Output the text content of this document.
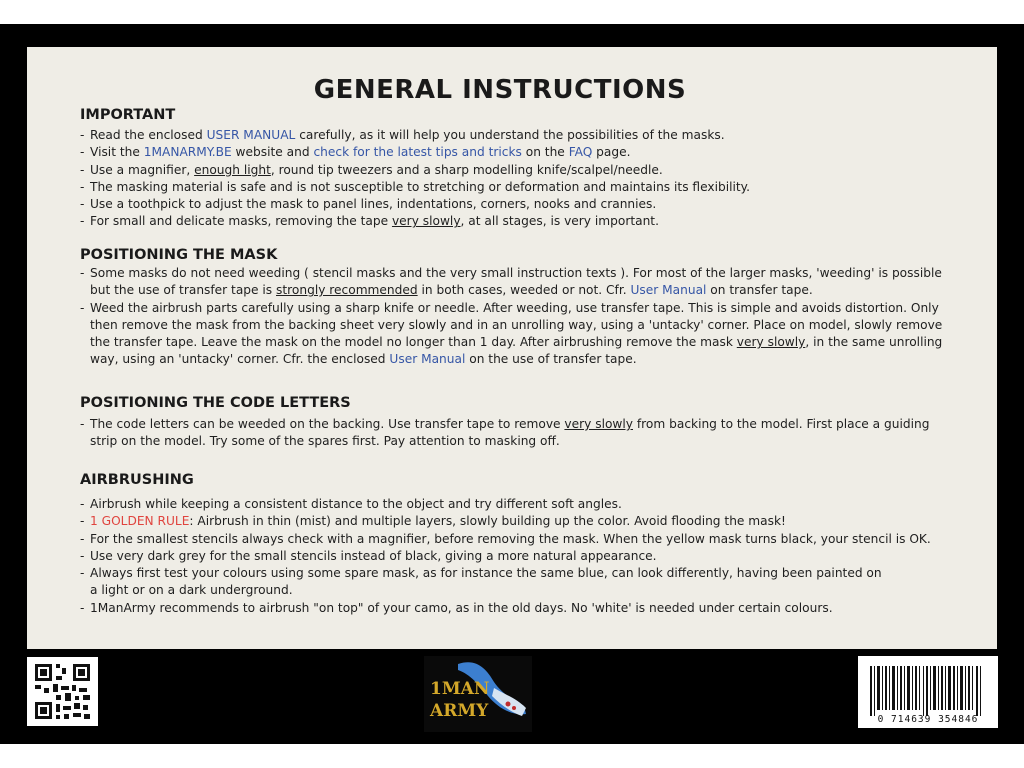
GENERAL INSTRUCTIONS
IMPORTANT
- Read the enclosed USER MANUAL carefully, as it will help you understand the possibilities of the masks.
- Visit the 1MANARMY.BE website and check for the latest tips and tricks on the FAQ page.
- Use a magnifier, enough light, round tip tweezers and a sharp modelling knife/scalpel/needle.
- The masking material is safe and is not susceptible to stretching or deformation and maintains its flexibility.
- Use a toothpick to adjust the mask to panel lines, indentations, corners, nooks and crannies.
- For small and delicate masks, removing the tape very slowly, at all stages, is very important.
POSITIONING THE MASK
- Some masks do not need weeding ( stencil masks and the very small instruction texts ). For most of the larger masks, 'weeding' is possible but the use of transfer tape is strongly recommended in both cases, weeded or not. Cfr. User Manual on transfer tape.
- Weed the airbrush parts carefully using a sharp knife or needle. After weeding, use transfer tape. This is simple and avoids distortion. Only then remove the mask from the backing sheet very slowly and in an unrolling way, using a 'untacky' corner. Place on model, slowly remove the transfer tape. Leave the mask on the model no longer than 1 day. After airbrushing remove the mask very slowly, in the same unrolling way, using an 'untacky' corner. Cfr. the enclosed User Manual on the use of transfer tape.
POSITIONING THE CODE LETTERS
- The code letters can be weeded on the backing. Use transfer tape to remove very slowly from backing to the model. First place a guiding strip on the model. Try some of the spares first. Pay attention to masking off.
AIRBRUSHING
- Airbrush while keeping a consistent distance to the object and try different soft angles.
- 1 GOLDEN RULE: Airbrush in thin (mist) and multiple layers, slowly building up the color. Avoid flooding the mask!
- For the smallest stencils always check with a magnifier, before removing the mask. When the yellow mask turns black, your stencil is OK.
- Use very dark grey for the small stencils instead of black, giving a more natural appearance.
- Always first test your colours using some spare mask, as for instance the same blue, can look differently, having been painted on
a light or on a dark underground.
- 1ManArmy recommends to airbrush "on top" of your camo, as in the old days. No 'white' is needed under certain colours.
1MAN
ARMY	0 714639 354846
